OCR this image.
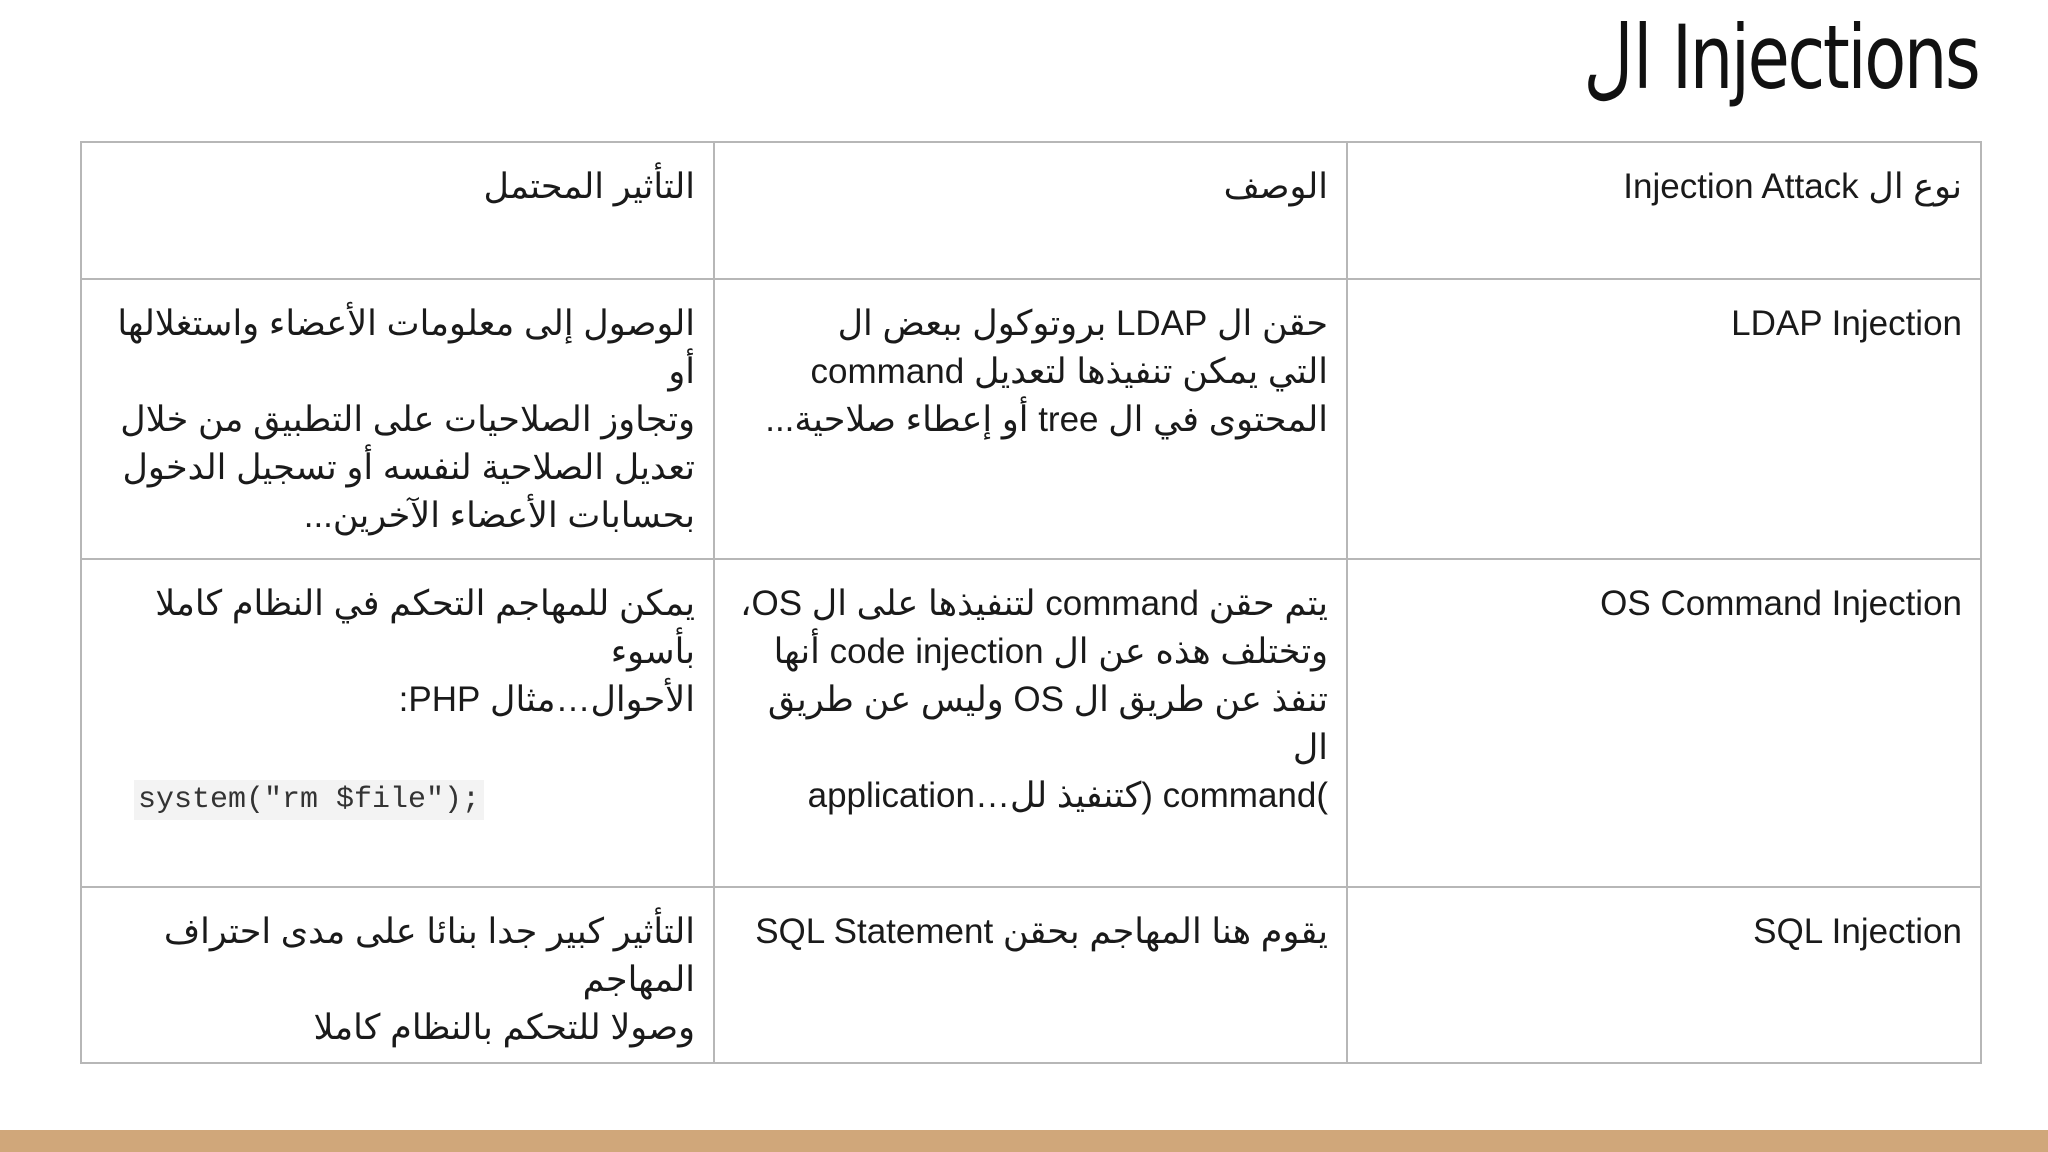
Injections ال
نوع ال Injection Attack	الوصف	التأثير المحتمل

LDAP Injection	حقن ال LDAP بروتوكول ببعض ال
command التي يمكن تنفيذها لتعديل
المحتوى في ال tree أو إعطاء صلاحية...	الوصول إلى معلومات الأعضاء واستغلالها أو
وتجاوز الصلاحيات على التطبيق من خلال
تعديل الصلاحية لنفسه أو تسجيل الدخول
بحسابات الأعضاء الآخرين...

OS Command Injection	يتم حقن command لتنفيذها على ال OS،
وتختلف هذه عن ال code injection أنها
تنفذ عن طريق ال OS وليس عن طريق ال
application…(كتنفيذ لل command)	يمكن للمهاجم التحكم في النظام كاملا بأسوء
الأحوال…مثال PHP:
system("rm $file");

SQL Injection	يقوم هنا المهاجم بحقن SQL Statement	التأثير كبير جدا بنائا على مدى احتراف المهاجم
وصولا للتحكم بالنظام كاملا
